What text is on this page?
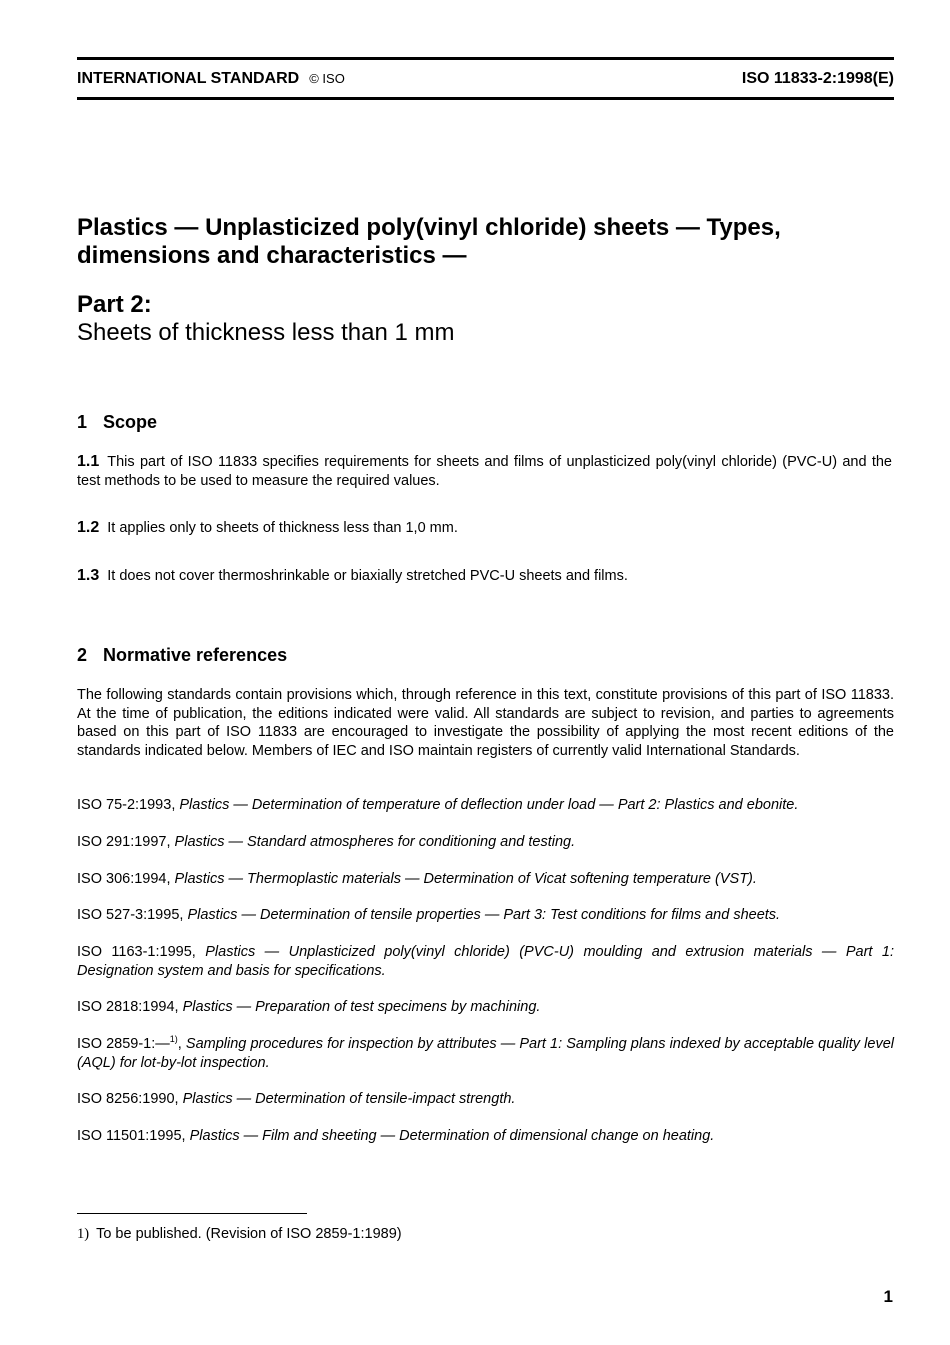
INTERNATIONAL STANDARD © ISO	ISO 11833-2:1998(E)
Plastics — Unplasticized poly(vinyl chloride) sheets — Types,
dimensions and characteristics —
Part 2:
Sheets of thickness less than 1 mm
1 Scope
1.1 This part of ISO 11833 specifies requirements for sheets and films of unplasticized poly(vinyl chloride) (PVC-U) and the test methods to be used to measure the required values.
1.2 It applies only to sheets of thickness less than 1,0 mm.
1.3 It does not cover thermoshrinkable or biaxially stretched PVC-U sheets and films.
2 Normative references
The following standards contain provisions which, through reference in this text, constitute provisions of this part of ISO 11833. At the time of publication, the editions indicated were valid. All standards are subject to revision, and parties to agreements based on this part of ISO 11833 are encouraged to investigate the possibility of applying the most recent editions of the standards indicated below. Members of IEC and ISO maintain registers of currently valid International Standards.
ISO 75-2:1993, Plastics — Determination of temperature of deflection under load — Part 2: Plastics and ebonite.
ISO 291:1997, Plastics — Standard atmospheres for conditioning and testing.
ISO 306:1994, Plastics — Thermoplastic materials — Determination of Vicat softening temperature (VST).
ISO 527-3:1995, Plastics — Determination of tensile properties — Part 3: Test conditions for films and sheets.
ISO 1163-1:1995, Plastics — Unplasticized poly(vinyl chloride) (PVC-U) moulding and extrusion materials — Part 1: Designation system and basis for specifications.
ISO 2818:1994, Plastics — Preparation of test specimens by machining.
ISO 2859-1:—$^{1)}$, Sampling procedures for inspection by attributes — Part 1: Sampling plans indexed by acceptable quality level (AQL) for lot-by-lot inspection.
ISO 8256:1990, Plastics — Determination of tensile-impact strength.
ISO 11501:1995, Plastics — Film and sheeting — Determination of dimensional change on heating.
1) To be published. (Revision of ISO 2859-1:1989)
1
